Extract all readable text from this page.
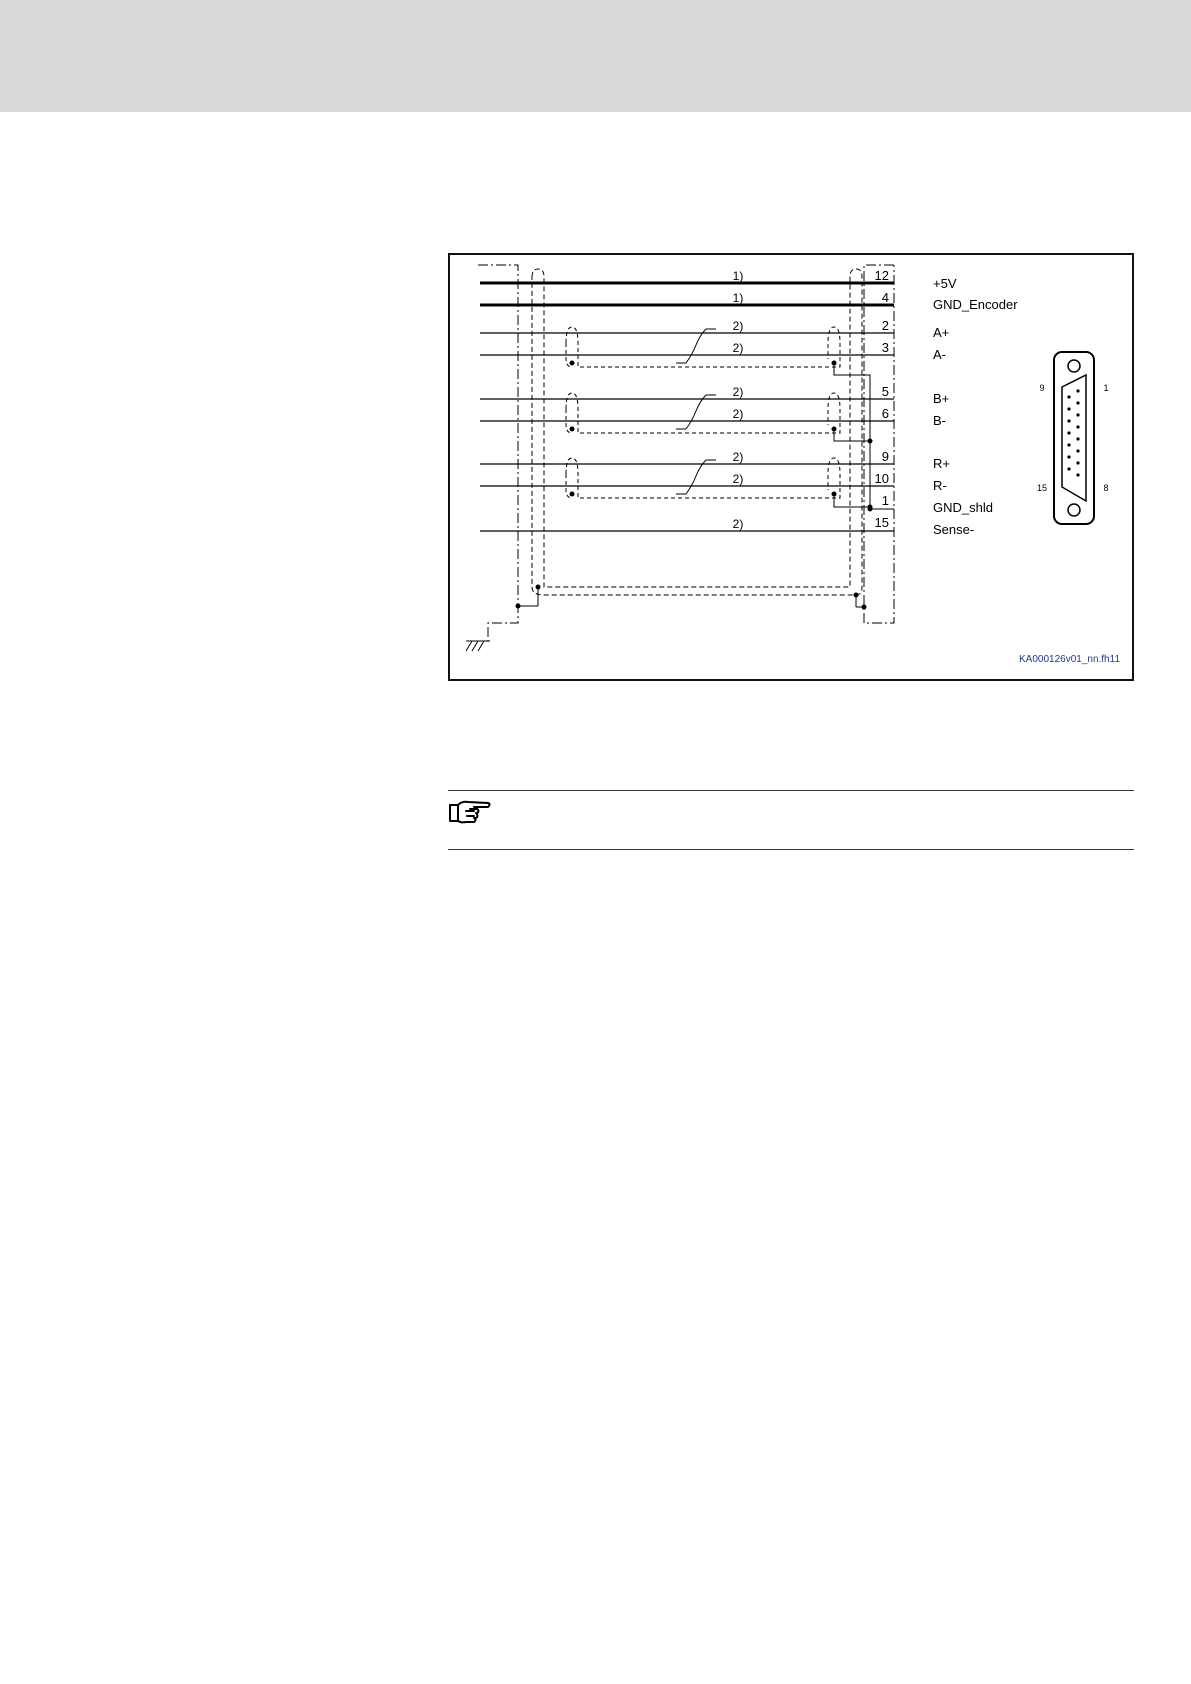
1)
1)
2)
2)
2)
2)
2)
2)
2)
12
4
2
3
5
6
9
10
1
15
+5V
GND_Encoder
A+
A-
B+
B-
R+
R-
GND_shld
Sense-
9	1
15	8
KA000126v01_nn.fh11
